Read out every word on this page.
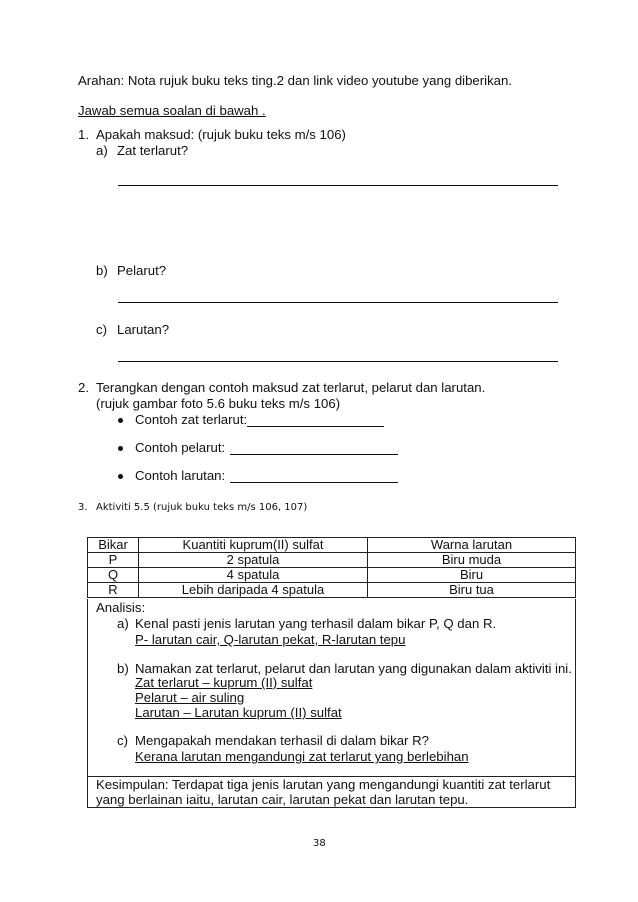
Arahan: Nota rujuk buku teks ting.2 dan link video youtube yang diberikan.
Jawab semua soalan di bawah .
1. Apakah maksud: (rujuk buku teks m/s 106)
a) Zat terlarut?
b) Pelarut?
c) Larutan?
2. Terangkan dengan contoh maksud zat terlarut, pelarut dan larutan.
(rujuk gambar foto 5.6 buku teks m/s 106)
Contoh zat terlarut:
Contoh pelarut:
Contoh larutan:
3. Aktiviti 5.5 (rujuk buku teks m/s 106, 107)
Bikar	Kuantiti kuprum(II) sulfat	Warna larutan
P	2 spatula	Biru muda
Q	4 spatula	Biru
R	Lebih daripada 4 spatula	Biru tua
Analisis:
a) Kenal pasti jenis larutan yang terhasil dalam bikar P, Q dan R.
P- larutan cair, Q-larutan pekat, R-larutan tepu
b) Namakan zat terlarut, pelarut dan larutan yang digunakan dalam aktiviti ini.
Zat terlarut – kuprum (II) sulfat
Pelarut – air suling
Larutan – Larutan kuprum (II) sulfat
c) Mengapakah mendakan terhasil di dalam bikar R?
Kerana larutan mengandungi zat terlarut yang berlebihan
Kesimpulan: Terdapat tiga jenis larutan yang mengandungi kuantiti zat terlarut
yang berlainan iaitu, larutan cair, larutan pekat dan larutan tepu.
38
